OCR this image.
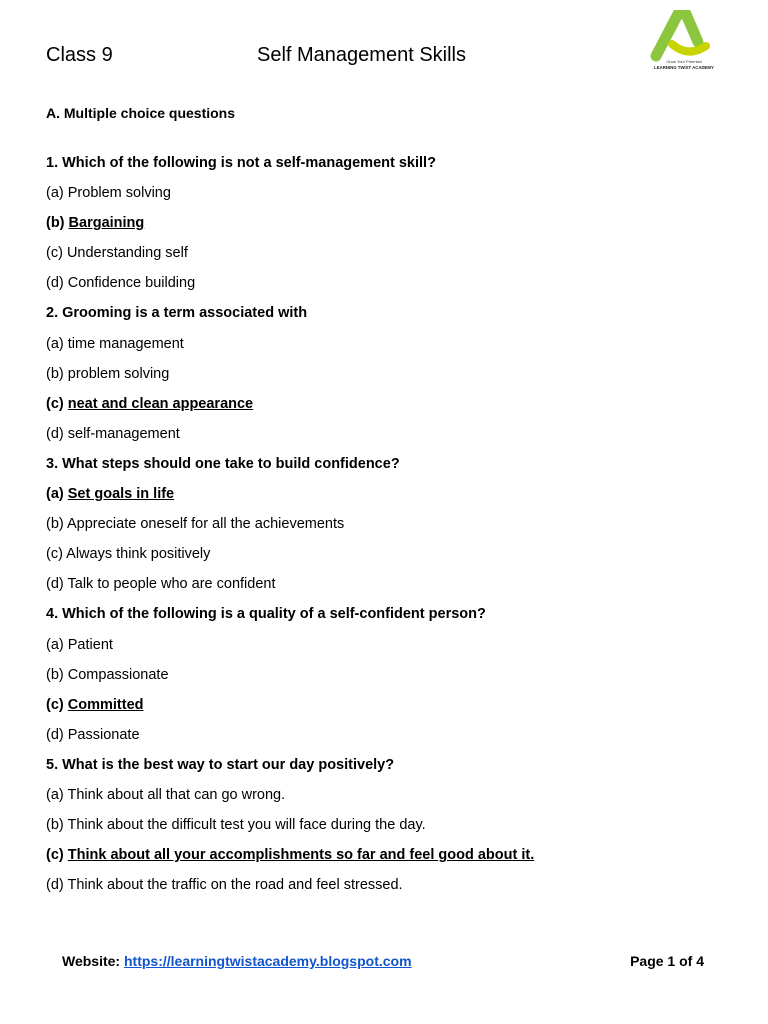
Class 9	Self Management Skills	Grow Your Potential
LEARNING TWIST ACADEMY
A. Multiple choice questions
1. Which of the following is not a self-management skill?
(a) Problem solving
(b) Bargaining
(c) Understanding self
(d) Confidence building
2. Grooming is a term associated with
(a) time management
(b) problem solving
(c) neat and clean appearance
(d) self-management
3. What steps should one take to build confidence?
(a) Set goals in life
(b) Appreciate oneself for all the achievements
(c) Always think positively
(d) Talk to people who are confident
4. Which of the following is a quality of a self-confident person?
(a) Patient
(b) Compassionate
(c) Committed
(d) Passionate
5. What is the best way to start our day positively?
(a) Think about all that can go wrong.
(b) Think about the difficult test you will face during the day.
(c) Think about all your accomplishments so far and feel good about it.
(d) Think about the traffic on the road and feel stressed.
Website: https://learningtwistacademy.blogspot.com	Page 1 of 4
